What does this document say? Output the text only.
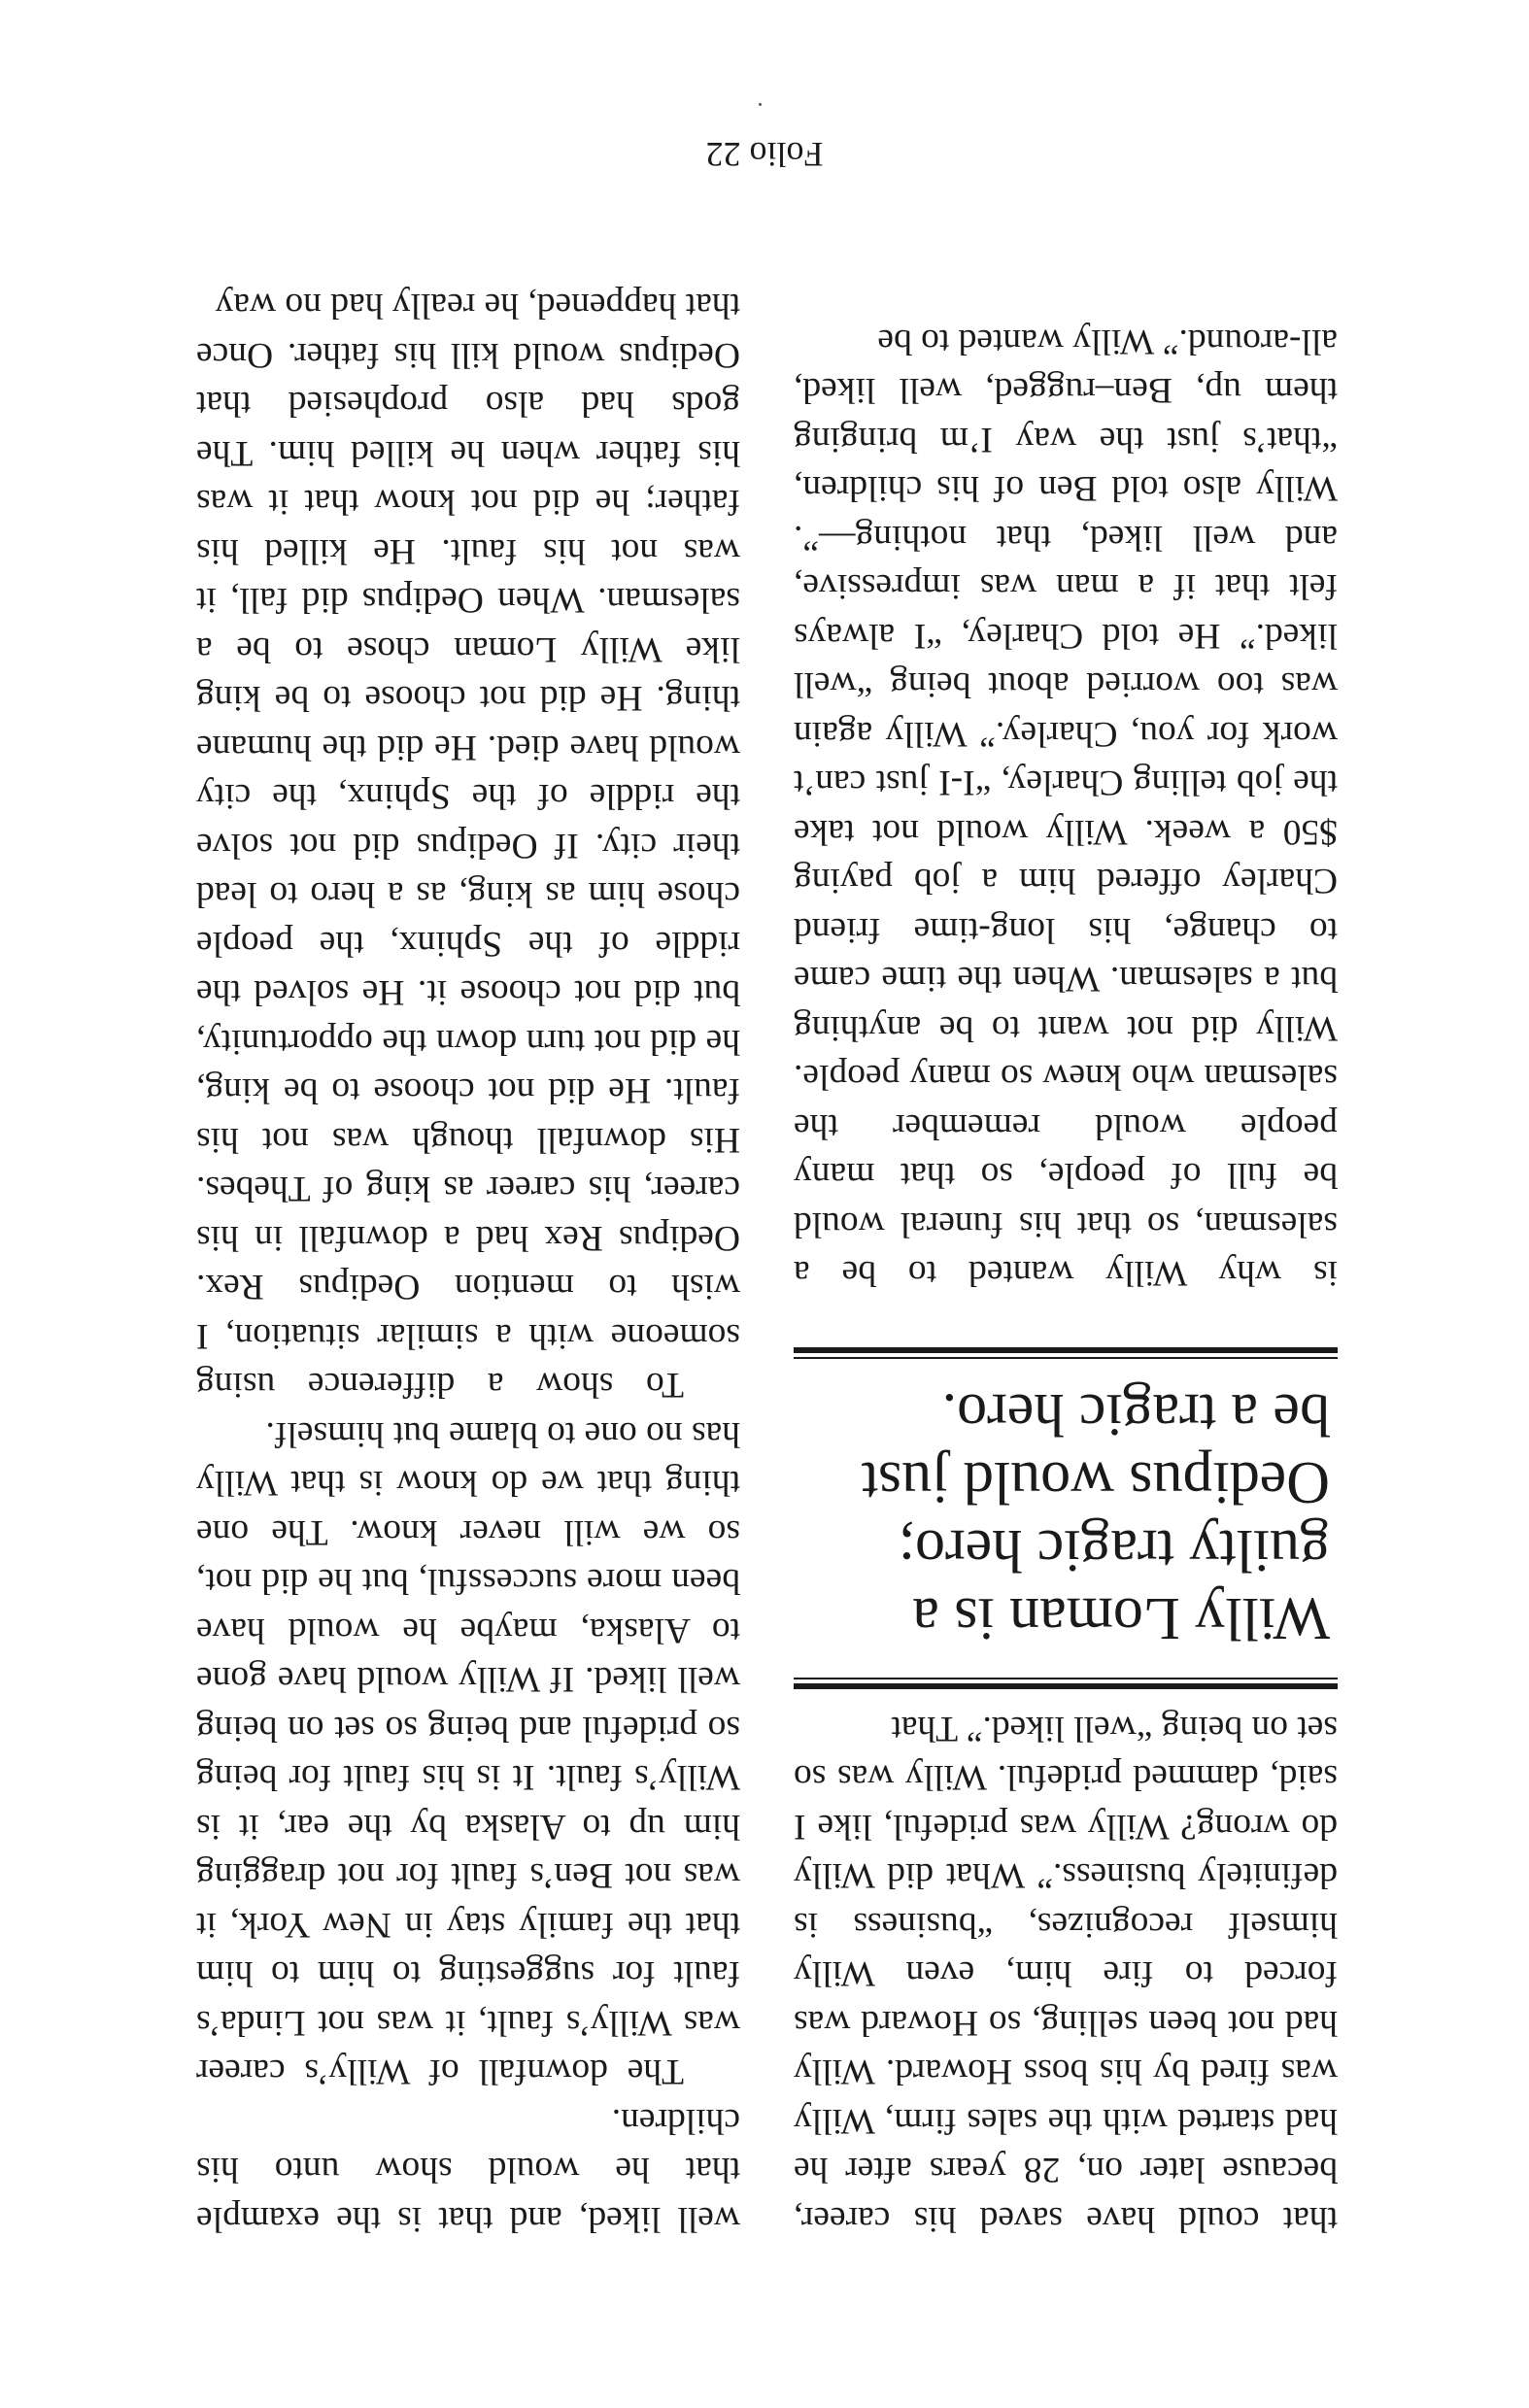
that could have saved his career, because later on, 28 years after he had started with the sales firm, Willy was fired by his boss Howard. Willy had not been selling, so Howard was forced to fire him, even Willy himself recognizes, “business is definitely business.” What did Willy do wrong? Willy was prideful, like I said, dammed prideful. Willy was so set on being “well liked.” That

Willy Loman is a guilty tragic hero; Oedipus would just be a tragic hero.

is why Willy wanted to be a salesman, so that his funeral would be full of people, so that many people would remember the salesman who knew so many people. Willy did not want to be anything but a salesman. When the time came to change, his long-time friend Charley offered him a job paying $50 a week. Willy would not take the job telling Charley, “I-I just can’t work for you, Charley.” Willy again was too worried about being “well liked.” He told Charley, “I always felt that if a man was impressive, and well liked, that nothing—”. Willy also told Ben of his children, “that’s just the way I’m bringing them up, Ben–rugged, well liked, all-around.” Willy wanted to be

well liked, and that is the example that he would show unto his children.

The downfall of Willy’s career was Willy’s fault, it was not Linda’s fault for suggesting to him to him that the family stay in New York, it was not Ben’s fault for not dragging him up to Alaska by the ear, it is Willy’s fault. It is his fault for being so prideful and being so set on being well liked. If Willy would have gone to Alaska, maybe he would have been more successful, but he did not, so we will never know. The one thing that we do know is that Willy has no one to blame but himself.

To show a difference using someone with a similar situation, I wish to mention Oedipus Rex. Oedipus Rex had a downfall in his career, his career as king of Thebes. His downfall though was not his fault. He did not choose to be king, he did not turn down the opportunity, but did not choose it. He solved the riddle of the Sphinx, the people chose him as king, as a hero to lead their city. If Oedipus did not solve the riddle of the Sphinx, the city would have died. He did the humane thing. He did not choose to be king like Willy Loman chose to be a salesman. When Oedipus did fall, it was not his fault. He killed his father; he did not know that it was his father when he killed him. The gods had also prophesied that Oedipus would kill his father. Once that happened, he really had no way

Folio 22
